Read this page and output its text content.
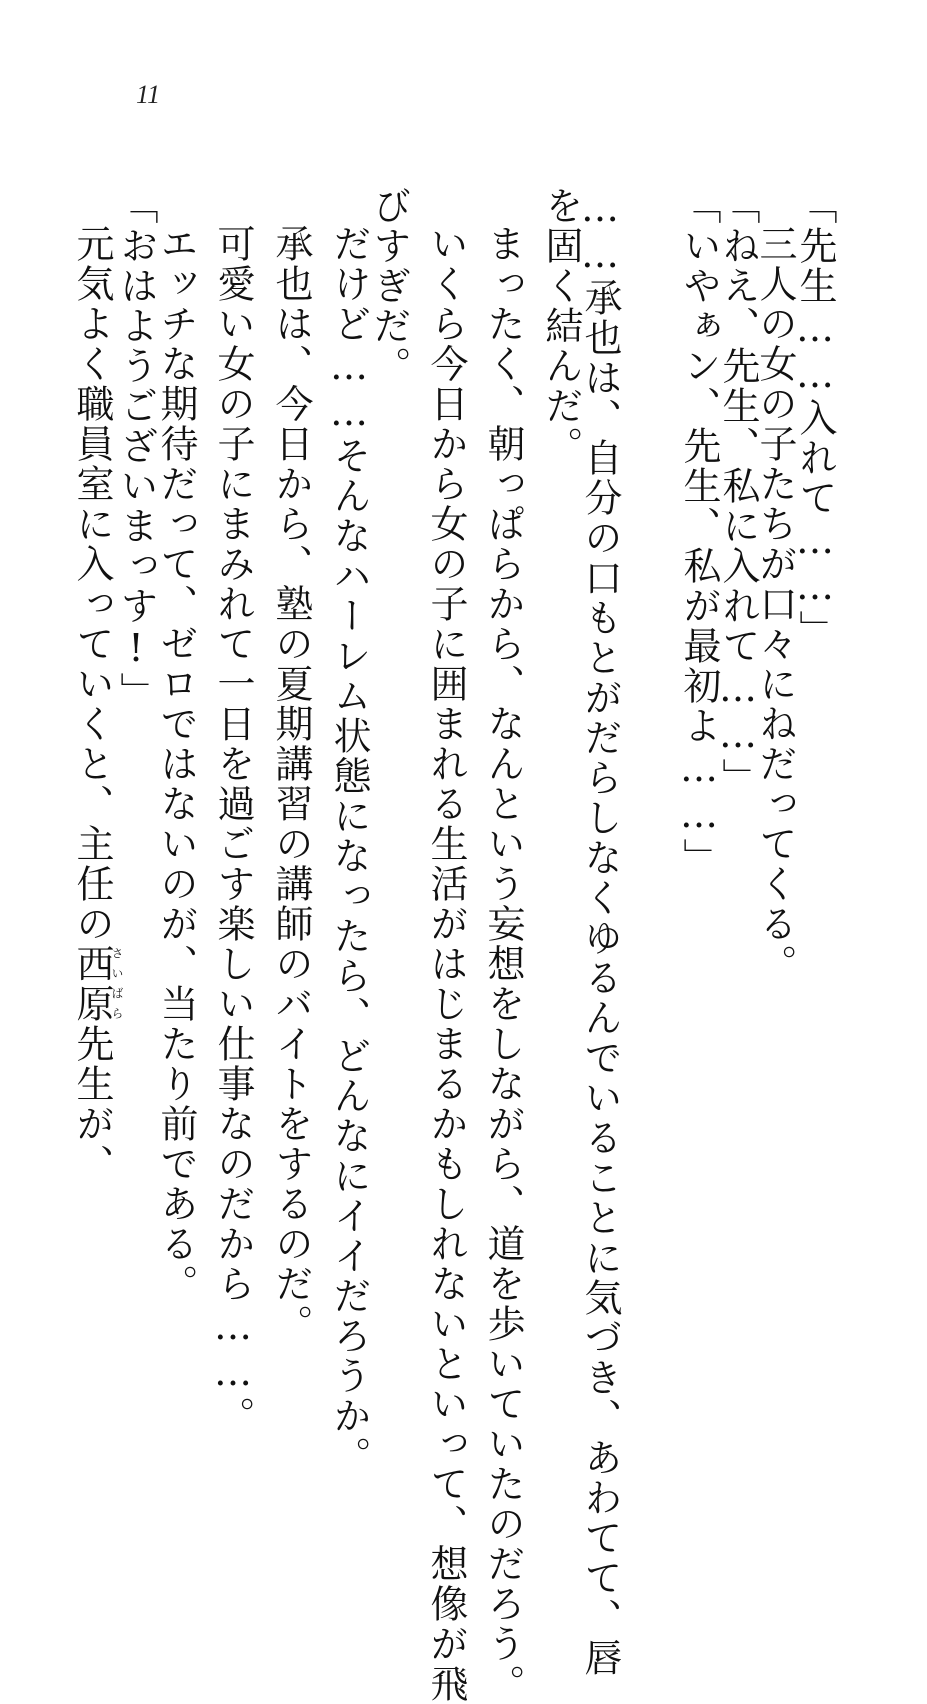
11
「先生……入れて……」
三人の女の子たちが口々にねだってくる。
「ねえ、先生、私に入れて……」
「いやぁン、先生、私が最初よ……」
……承也は、自分の口もとがだらしなくゆるんでいることに気づき、あわてて、唇
を固く結んだ。
まったく、朝っぱらから、なんという妄想をしながら、道を歩いていたのだろう。
いくら今日から女の子に囲まれる生活がはじまるかもしれないといって、想像が飛
びすぎだ。
だけど……そんなハーレム状態になったら、どんなにイイだろうか。
承也は、今日から、塾の夏期講習の講師のバイトをするのだ。
可愛い女の子にまみれて一日を過ごす楽しい仕事なのだから……。
エッチな期待だって、ゼロではないのが、当たり前である。
「おはようございまっす!」
元気よく職員室に入っていくと、主任の西原さいばら先生が、
